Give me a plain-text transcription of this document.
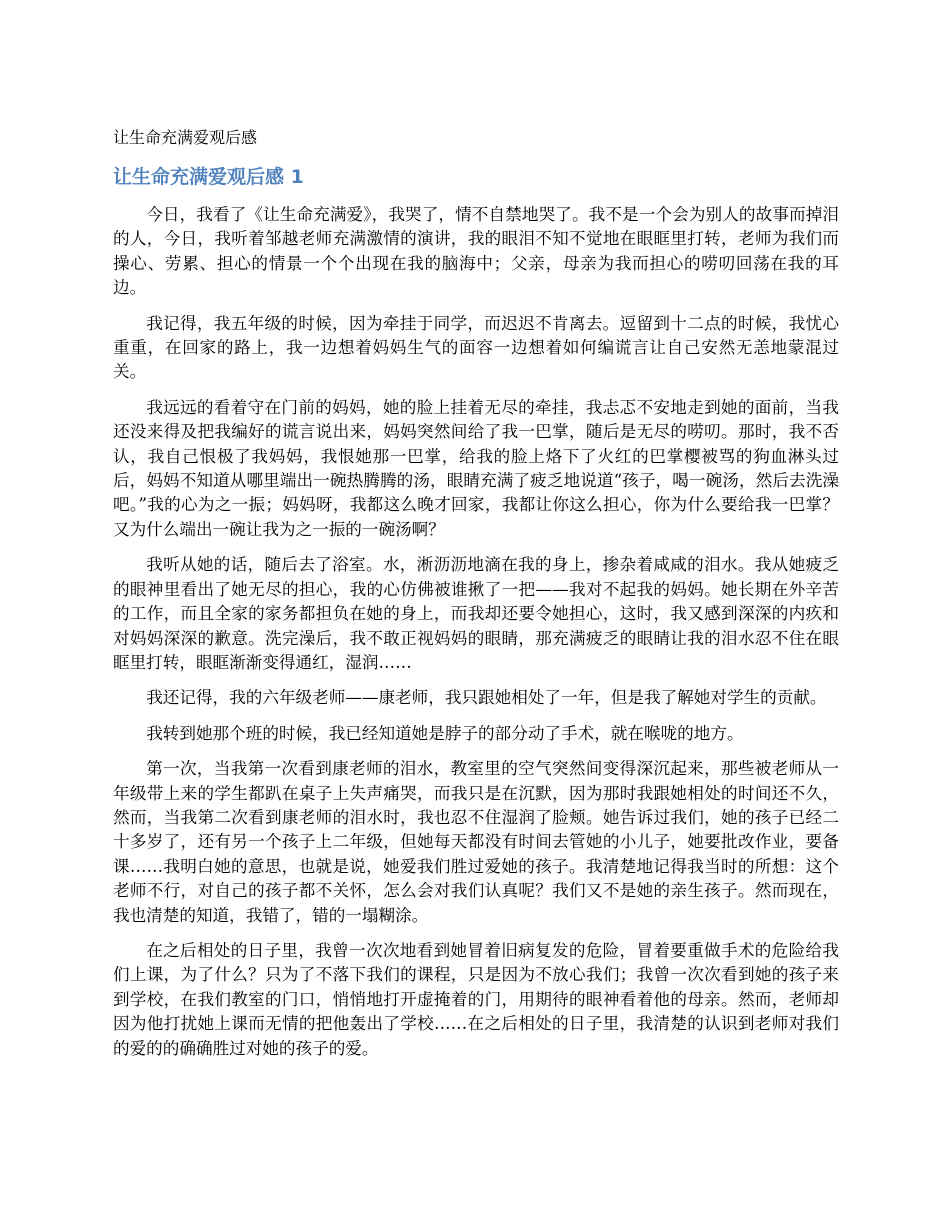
让生命充满爱观后感

让生命充满爱观后感 1

今日，我看了《让生命充满爱》，我哭了，情不自禁地哭了。我不是一个会为别人的故事而掉泪的人，今日，我听着邹越老师充满激情的演讲，我的眼泪不知不觉地在眼眶里打转，老师为我们而操心、劳累、担心的情景一个个出现在我的脑海中；父亲，母亲为我而担心的唠叨回荡在我的耳边。

我记得，我五年级的时候，因为牵挂于同学，而迟迟不肯离去。逗留到十二点的时候，我忧心重重，在回家的路上，我一边想着妈妈生气的面容一边想着如何编谎言让自己安然无恙地蒙混过关。

我远远的看着守在门前的妈妈，她的脸上挂着无尽的牵挂，我忐忑不安地走到她的面前，当我还没来得及把我编好的谎言说出来，妈妈突然间给了我一巴掌，随后是无尽的唠叨。那时，我不否认，我自己恨极了我妈妈，我恨她那一巴掌，给我的脸上烙下了火红的巴掌樱被骂的狗血淋头过后，妈妈不知道从哪里端出一碗热腾腾的汤，眼睛充满了疲乏地说道“孩子，喝一碗汤，然后去洗澡吧。”我的心为之一振；妈妈呀，我都这么晚才回家，我都让你这么担心，你为什么要给我一巴掌？又为什么端出一碗让我为之一振的一碗汤啊？

我听从她的话，随后去了浴室。水，淅沥沥地滴在我的身上，掺杂着咸咸的泪水。我从她疲乏的眼神里看出了她无尽的担心，我的心仿佛被谁揪了一把——我对不起我的妈妈。她长期在外辛苦的工作，而且全家的家务都担负在她的身上，而我却还要令她担心，这时，我又感到深深的内疚和对妈妈深深的歉意。洗完澡后，我不敢正视妈妈的眼睛，那充满疲乏的眼睛让我的泪水忍不住在眼眶里打转，眼眶渐渐变得通红，湿润……

我还记得，我的六年级老师——康老师，我只跟她相处了一年，但是我了解她对学生的贡献。

我转到她那个班的时候，我已经知道她是脖子的部分动了手术，就在喉咙的地方。

第一次，当我第一次看到康老师的泪水，教室里的空气突然间变得深沉起来，那些被老师从一年级带上来的学生都趴在桌子上失声痛哭，而我只是在沉默，因为那时我跟她相处的时间还不久，然而，当我第二次看到康老师的泪水时，我也忍不住湿润了脸颊。她告诉过我们，她的孩子已经二十多岁了，还有另一个孩子上二年级，但她每天都没有时间去管她的小儿子，她要批改作业，要备课……我明白她的意思，也就是说，她爱我们胜过爱她的孩子。我清楚地记得我当时的所想：这个老师不行，对自己的孩子都不关怀，怎么会对我们认真呢？我们又不是她的亲生孩子。然而现在，我也清楚的知道，我错了，错的一塌糊涂。

在之后相处的日子里，我曾一次次地看到她冒着旧病复发的危险，冒着要重做手术的危险给我们上课，为了什么？只为了不落下我们的课程，只是因为不放心我们；我曾一次次看到她的孩子来到学校，在我们教室的门口，悄悄地打开虚掩着的门，用期待的眼神看着他的母亲。然而，老师却因为他打扰她上课而无情的把他轰出了学校……在之后相处的日子里，我清楚的认识到老师对我们的爱的的确确胜过对她的孩子的爱。
